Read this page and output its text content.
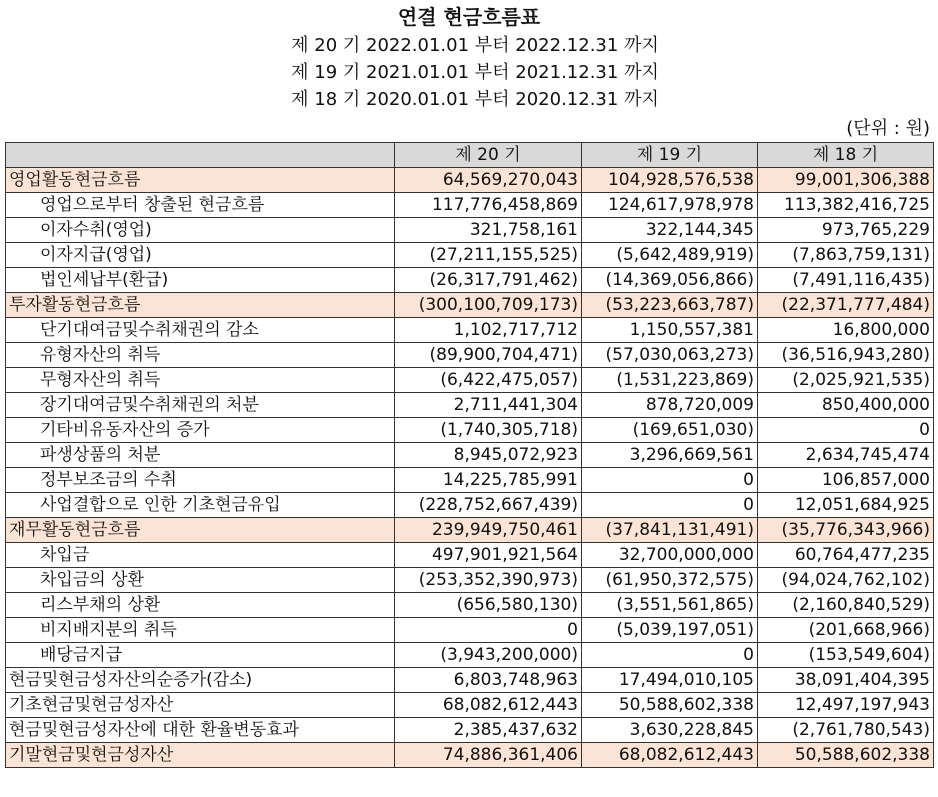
연결 현금흐름표
제 20 기 2022.01.01 부터 2022.12.31 까지
제 19 기 2021.01.01 부터 2021.12.31 까지
제 18 기 2020.01.01 부터 2020.12.31 까지
(단위 : 원)
	제 20 기	제 19 기	제 18 기
영업활동현금흐름	64,569,270,043	104,928,576,538	99,001,306,388
영업으로부터 창출된 현금흐름	117,776,458,869	124,617,978,978	113,382,416,725
이자수취(영업)	321,758,161	322,144,345	973,765,229
이자지급(영업)	(27,211,155,525)	(5,642,489,919)	(7,863,759,131)
법인세납부(환급)	(26,317,791,462)	(14,369,056,866)	(7,491,116,435)
투자활동현금흐름	(300,100,709,173)	(53,223,663,787)	(22,371,777,484)
단기대여금및수취채권의 감소	1,102,717,712	1,150,557,381	16,800,000
유형자산의 취득	(89,900,704,471)	(57,030,063,273)	(36,516,943,280)
무형자산의 취득	(6,422,475,057)	(1,531,223,869)	(2,025,921,535)
장기대여금및수취채권의 처분	2,711,441,304	878,720,009	850,400,000
기타비유동자산의 증가	(1,740,305,718)	(169,651,030)	0
파생상품의 처분	8,945,072,923	3,296,669,561	2,634,745,474
정부보조금의 수취	14,225,785,991	0	106,857,000
사업결합으로 인한 기초현금유입	(228,752,667,439)	0	12,051,684,925
재무활동현금흐름	239,949,750,461	(37,841,131,491)	(35,776,343,966)
차입금	497,901,921,564	32,700,000,000	60,764,477,235
차입금의 상환	(253,352,390,973)	(61,950,372,575)	(94,024,762,102)
리스부채의 상환	(656,580,130)	(3,551,561,865)	(2,160,840,529)
비지배지분의 취득	0	(5,039,197,051)	(201,668,966)
배당금지급	(3,943,200,000)	0	(153,549,604)
현금및현금성자산의순증가(감소)	6,803,748,963	17,494,010,105	38,091,404,395
기초현금및현금성자산	68,082,612,443	50,588,602,338	12,497,197,943
현금및현금성자산에 대한 환율변동효과	2,385,437,632	3,630,228,845	(2,761,780,543)
기말현금및현금성자산	74,886,361,406	68,082,612,443	50,588,602,338
